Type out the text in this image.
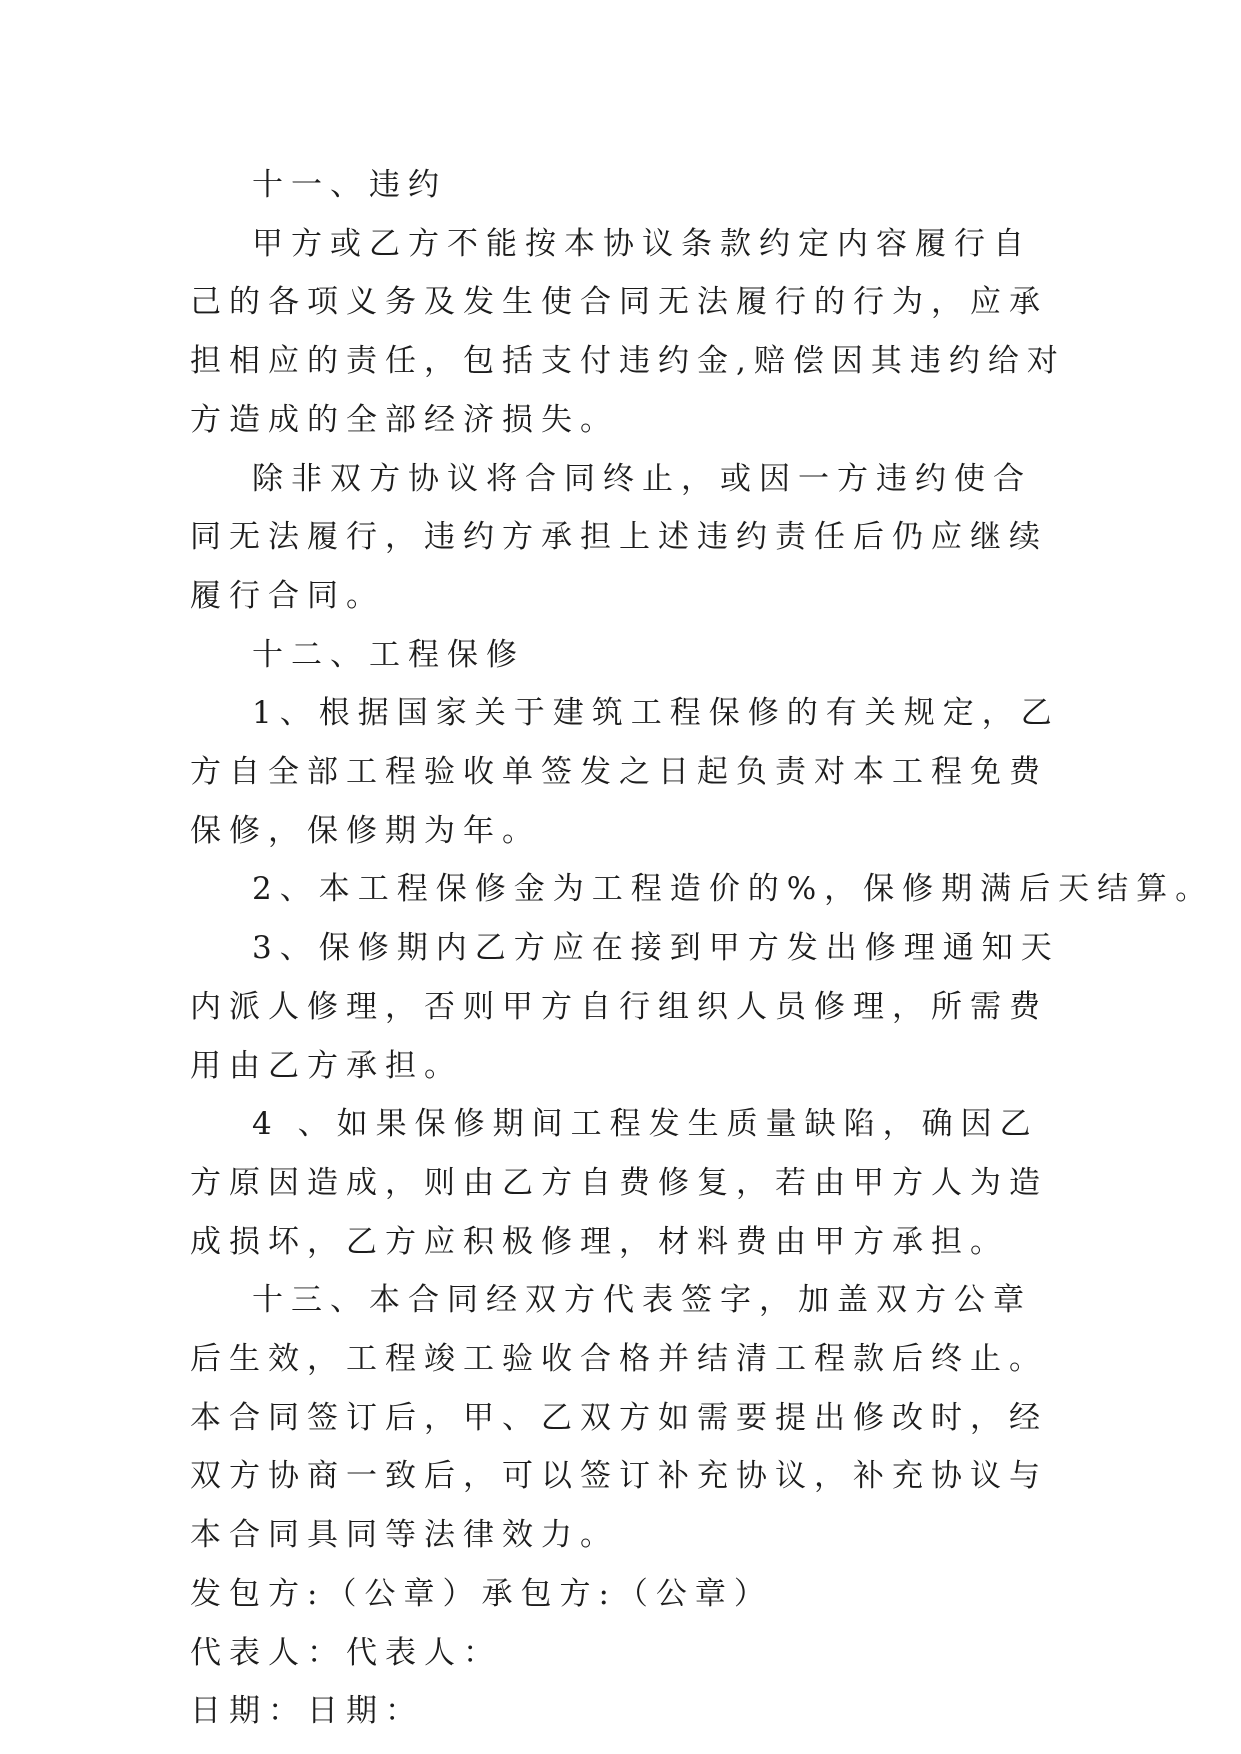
十一、违约

甲方或乙方不能按本协议条款约定内容履行自己的各项义务及发生使合同无法履行的行为，应承担相应的责任，包括支付违约金,赔偿因其违约给对方造成的全部经济损失。

除非双方协议将合同终止，或因一方违约使合同无法履行，违约方承担上述违约责任后仍应继续履行合同。

十二、工程保修

1、根据国家关于建筑工程保修的有关规定，乙方自全部工程验收单签发之日起负责对本工程免费保修，保修期为年。

2、本工程保修金为工程造价的%，保修期满后天结算。

3、保修期内乙方应在接到甲方发出修理通知天内派人修理，否则甲方自行组织人员修理，所需费用由乙方承担。

4 、如果保修期间工程发生质量缺陷，确因乙方原因造成，则由乙方自费修复，若由甲方人为造成损坏，乙方应积极修理，材料费由甲方承担。

十三、本合同经双方代表签字，加盖双方公章后生效，工程竣工验收合格并结清工程款后终止。本合同签订后，甲、乙双方如需要提出修改时，经双方协商一致后，可以签订补充协议，补充协议与本合同具同等法律效力。

发包方:（公章）承包方:（公章）

代表人：代表人：

日期：日期：
